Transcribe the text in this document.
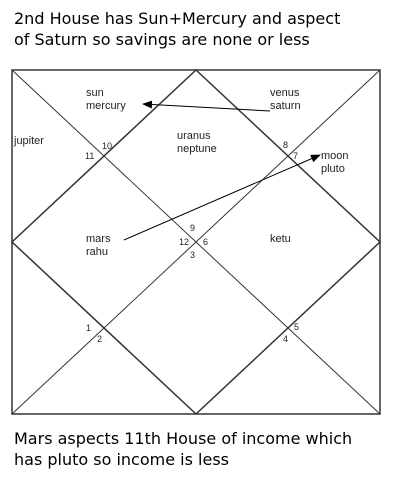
2nd House has Sun+Mercury and aspect
of Saturn so savings are none or less
9
12 6
3
10
11
8
7
1
2
5
4
sun
mercury
venus
saturn
jupiter	uranus
neptune
moon
pluto
mars
rahu
ketu
Mars aspects 11th House of income which
has pluto so income is less
